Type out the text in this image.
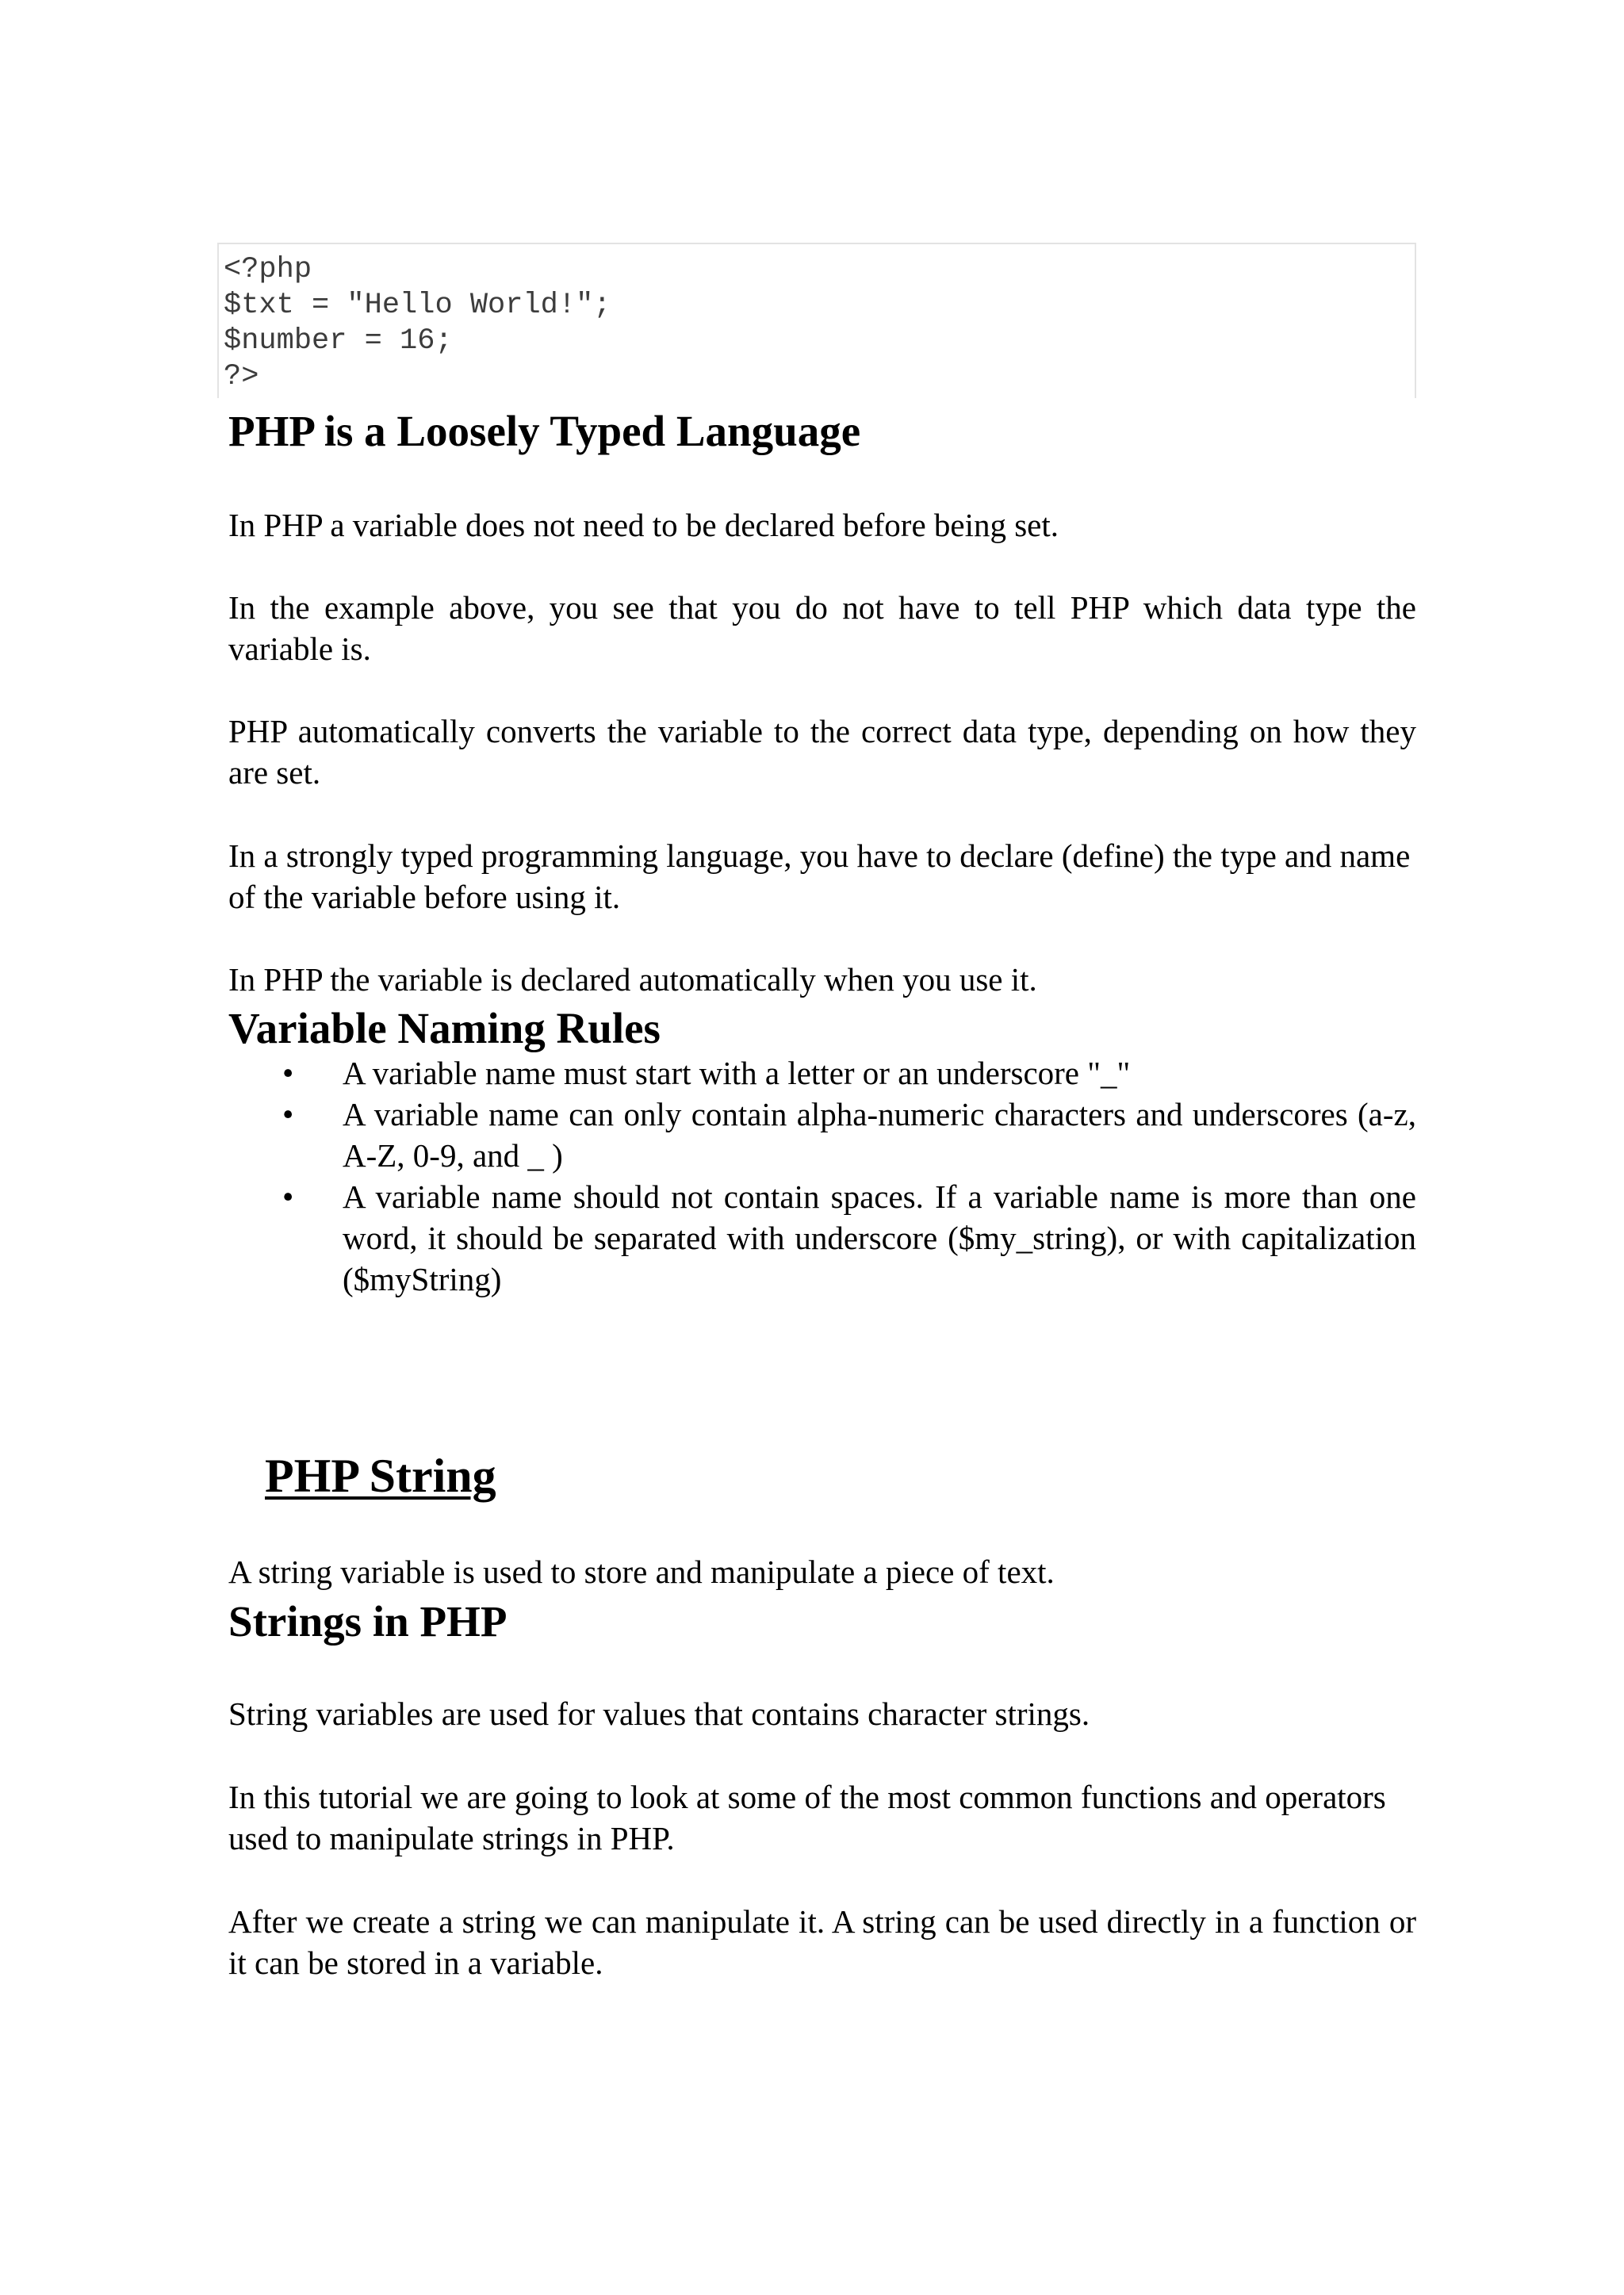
<?php
$txt = "Hello World!";
$number = 16;
?>
PHP is a Loosely Typed Language

In PHP a variable does not need to be declared before being set.

In the example above, you see that you do not have to tell PHP which data type the variable is.

PHP automatically converts the variable to the correct data type, depending on how they are set.

In a strongly typed programming language, you have to declare (define) the type and name of the variable before using it.

In PHP the variable is declared automatically when you use it.

Variable Naming Rules
• A variable name must start with a letter or an underscore "_"
• A variable name can only contain alpha-numeric characters and underscores (a-z, A-Z, 0-9, and _ )
• A variable name should not contain spaces. If a variable name is more than one word, it should be separated with underscore ($my_string), or with capitalization ($myString)
PHP String

A string variable is used to store and manipulate a piece of text.

Strings in PHP

String variables are used for values that contains character strings.

In this tutorial we are going to look at some of the most common functions and operators used to manipulate strings in PHP.

After we create a string we can manipulate it. A string can be used directly in a function or it can be stored in a variable.
